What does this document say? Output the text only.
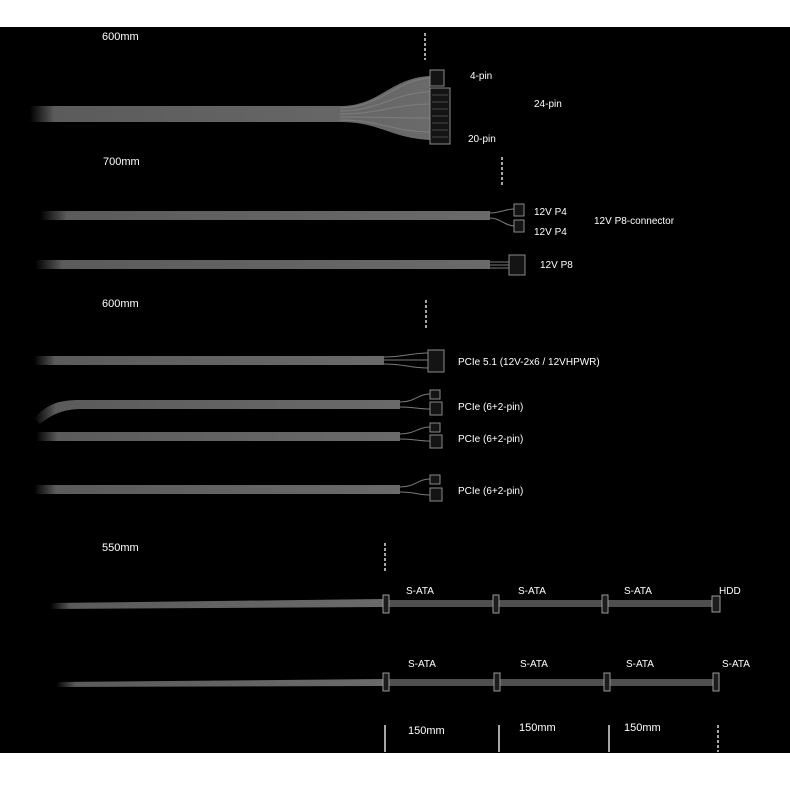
600mm
4-pin
24-pin
20-pin
700mm
12V P4
12V P4
12V P8-connector
12V P8
600mm
PCIe 5.1 (12V-2x6 / 12VHPWR)
PCIe (6+2-pin)
PCIe (6+2-pin)
PCIe (6+2-pin)
550mm
S-ATA	S-ATA	S-ATA	HDD
S-ATA	S-ATA	S-ATA	S-ATA
150mm	150mm	150mm
